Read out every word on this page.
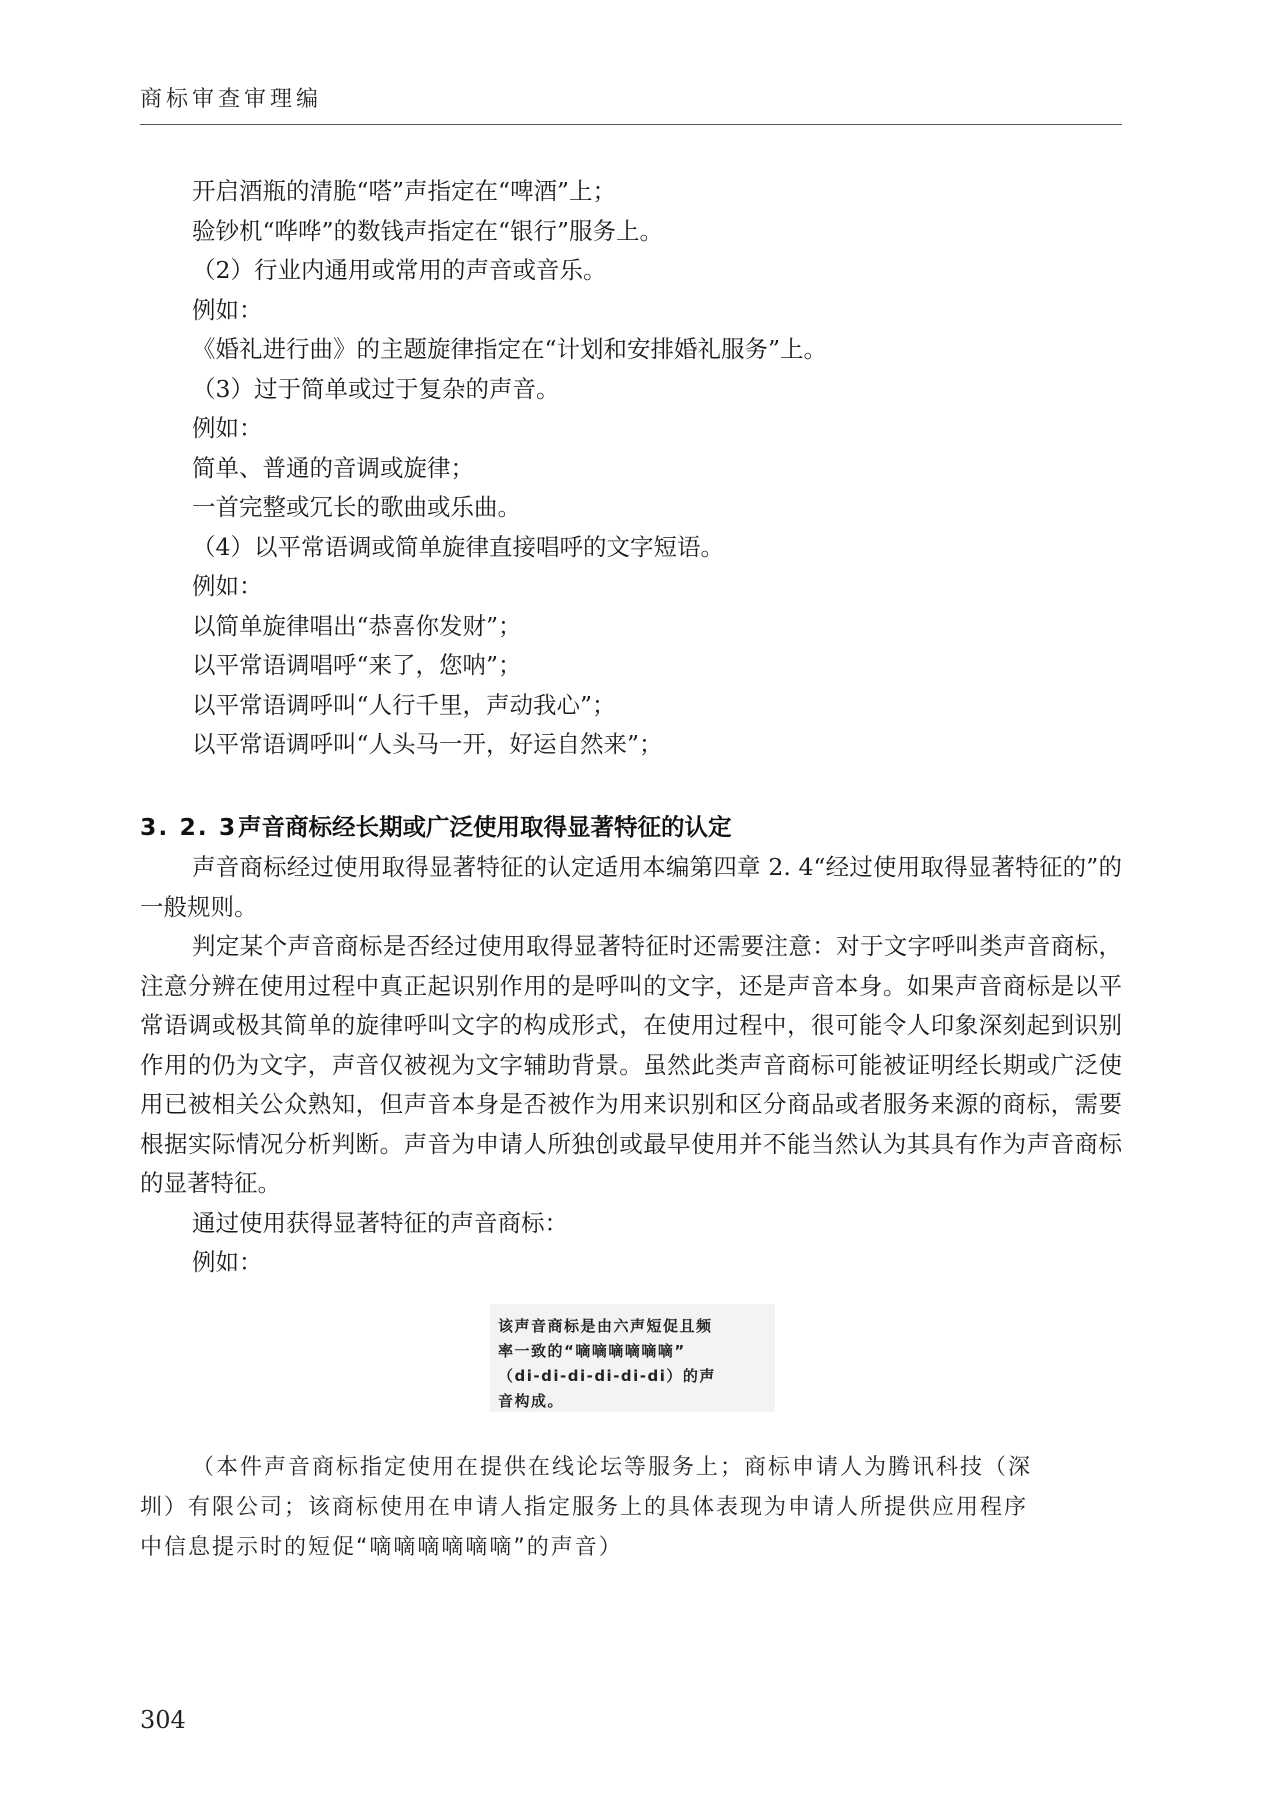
商标审查审理编

开启酒瓶的清脆“嗒”声指定在“啤酒”上；

验钞机“哗哗”的数钱声指定在“银行”服务上。

（2）行业内通用或常用的声音或音乐。

例如：

《婚礼进行曲》的主题旋律指定在“计划和安排婚礼服务”上。

（3）过于简单或过于复杂的声音。

例如：

简单、普通的音调或旋律；

一首完整或冗长的歌曲或乐曲。

（4）以平常语调或简单旋律直接唱呼的文字短语。

例如：

以简单旋律唱出“恭喜你发财”；

以平常语调唱呼“来了，您呐”；

以平常语调呼叫“人行千里，声动我心”；

以平常语调呼叫“人头马一开，好运自然来”；

3. 2. 3声音商标经长期或广泛使用取得显著特征的认定

声音商标经过使用取得显著特征的认定适用本编第四章 2. 4“经过使用取得显著特征的”的一般规则。

判定某个声音商标是否经过使用取得显著特征时还需要注意：对于文字呼叫类声音商标，注意分辨在使用过程中真正起识别作用的是呼叫的文字，还是声音本身。如果声音商标是以平常语调或极其简单的旋律呼叫文字的构成形式，在使用过程中，很可能令人印象深刻起到识别作用的仍为文字，声音仅被视为文字辅助背景。虽然此类声音商标可能被证明经长期或广泛使用已被相关公众熟知，但声音本身是否被作为用来识别和区分商品或者服务来源的商标，需要根据实际情况分析判断。声音为申请人所独创或最早使用并不能当然认为其具有作为声音商标的显著特征。

通过使用获得显著特征的声音商标：

例如：

该声音商标是由六声短促且频

率一致的“嘀嘀嘀嘀嘀嘀”

（di-di-di-di-di-di）的声

音构成。

（本件声音商标指定使用在提供在线论坛等服务上；商标申请人为腾讯科技（深

圳）有限公司；该商标使用在申请人指定服务上的具体表现为申请人所提供应用程序

中信息提示时的短促“嘀嘀嘀嘀嘀嘀”的声音）

304
